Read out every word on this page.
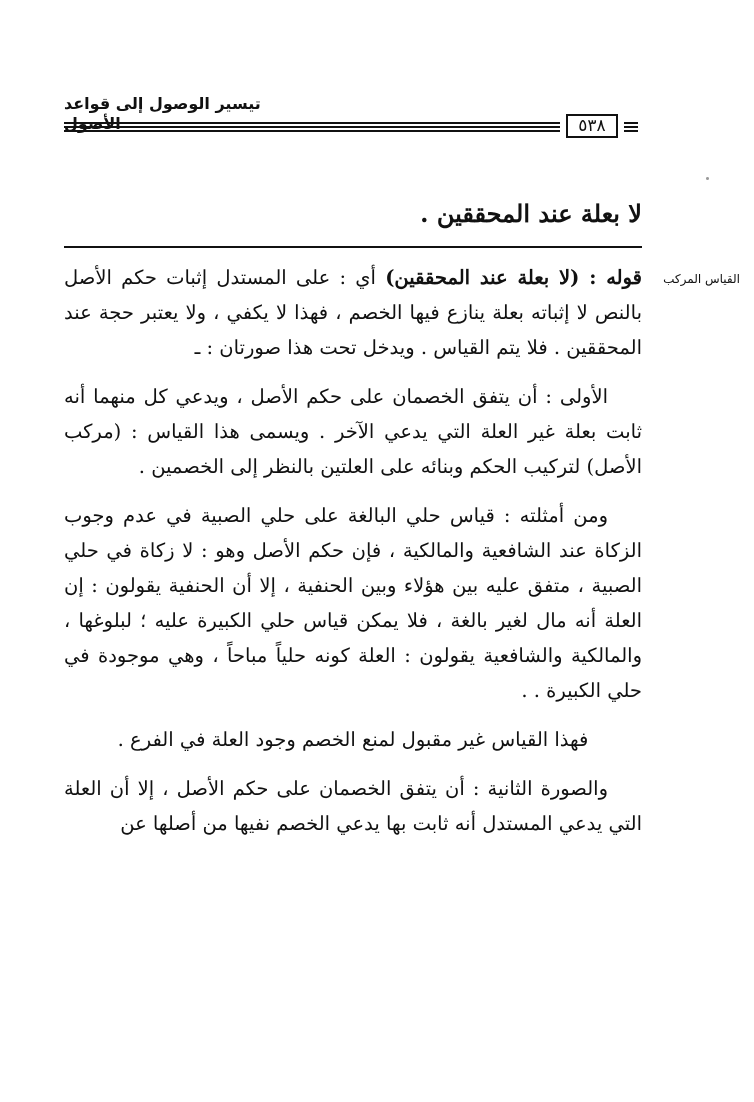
تيسير الوصول إلى قواعد
٥٣٨
لا بعلة عند المحققين .
القياس المركب

قوله : (لا بعلة عند المحققين) أي : على المستدل إثبات حكم الأصل بالنص لا إثباته بعلة ينازع فيها الخصم ، فهذا لا يكفي ، ولا يعتبر حجة عند المحققين . فلا يتم القياس . ويدخل تحت هذا صورتان : ـ

الأولى : أن يتفق الخصمان على حكم الأصل ، ويدعي كل منهما أنه ثابت بعلة غير العلة التي يدعي الآخر . ويسمى هذا القياس : (مركب الأصل) لتركيب الحكم وبنائه على العلتين بالنظر إلى الخصمين .

ومن أمثلته : قياس حلي البالغة على حلي الصبية في عدم وجوب الزكاة عند الشافعية والمالكية ، فإن حكم الأصل وهو : لا زكاة في حلي الصبية ، متفق عليه بين هؤلاء وبين الحنفية ، إلا أن الحنفية يقولون : إن العلة أنه مال لغير بالغة ، فلا يمكن قياس حلي الكبيرة عليه ؛ لبلوغها ، والمالكية والشافعية يقولون : العلة كونه حلياً مباحاً ، وهي موجودة في حلي الكبيرة . .

فهذا القياس غير مقبول لمنع الخصم وجود العلة في الفرع .

والصورة الثانية : أن يتفق الخصمان على حكم الأصل ، إلا أن العلة التي يدعي المستدل أنه ثابت بها يدعي الخصم نفيها من أصلها عن
